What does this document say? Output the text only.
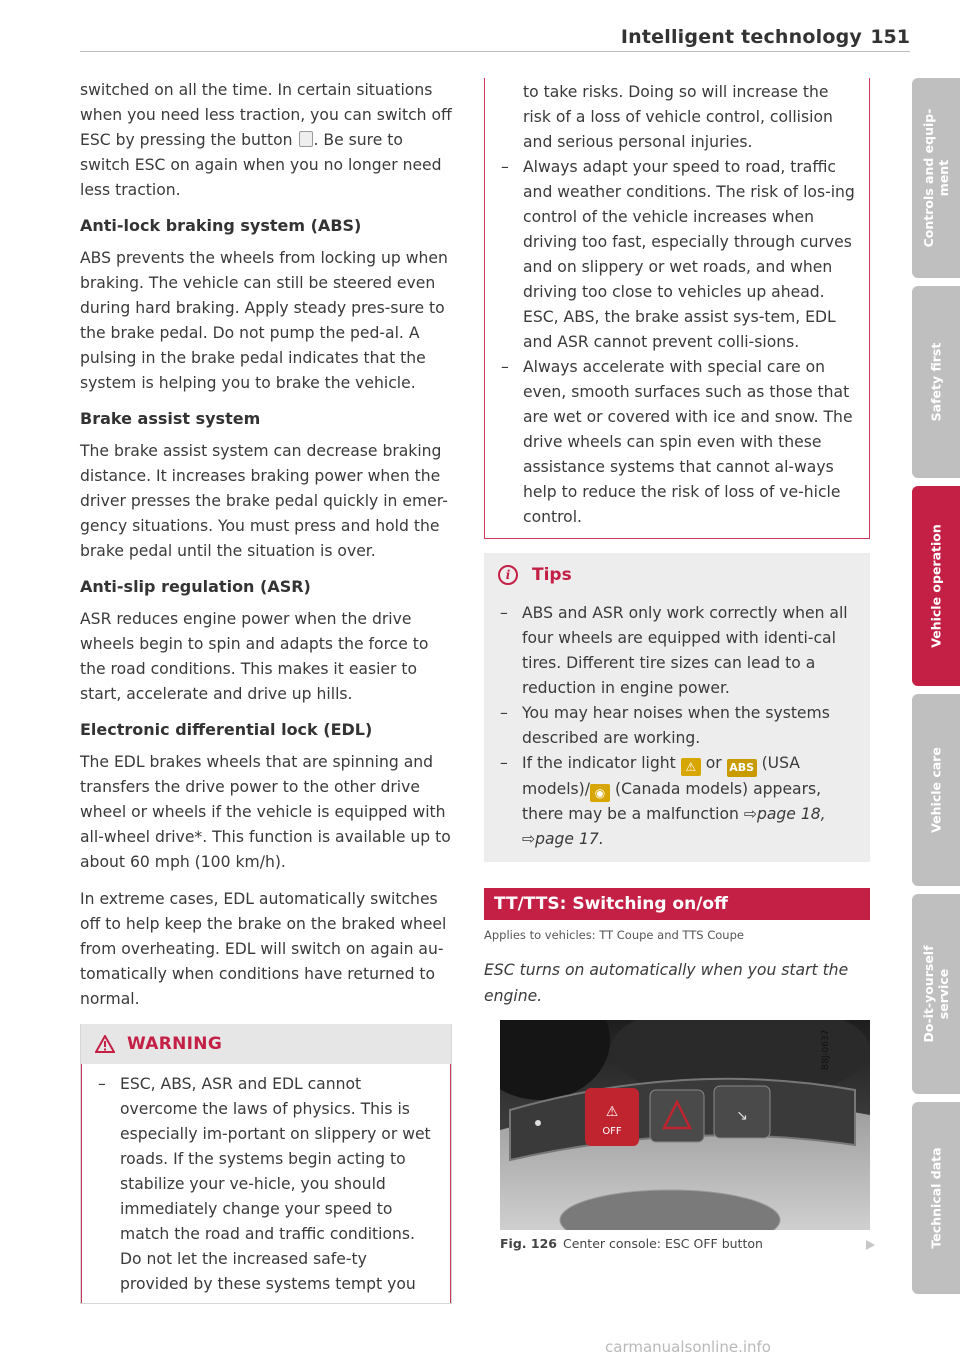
Intelligent technology 151

switched on all the time. In certain situations when you need less traction, you can switch off ESC by pressing the button . Be sure to switch ESC on again when you no longer need less traction.

Anti-lock braking system (ABS)

ABS prevents the wheels from locking up when braking. The vehicle can still be steered even during hard braking. Apply steady pres-sure to the brake pedal. Do not pump the ped-al. A pulsing in the brake pedal indicates that the system is helping you to brake the vehicle.

Brake assist system

The brake assist system can decrease braking distance. It increases braking power when the driver presses the brake pedal quickly in emer-gency situations. You must press and hold the brake pedal until the situation is over.

Anti-slip regulation (ASR)

ASR reduces engine power when the drive wheels begin to spin and adapts the force to the road conditions. This makes it easier to start, accelerate and drive up hills.

Electronic differential lock (EDL)

The EDL brakes wheels that are spinning and transfers the drive power to the other drive wheel or wheels if the vehicle is equipped with all-wheel drive*. This function is available up to about 60 mph (100 km/h).

In extreme cases, EDL automatically switches off to help keep the brake on the braked wheel from overheating. EDL will switch on again au-tomatically when conditions have returned to normal.

WARNING
– ESC, ABS, ASR and EDL cannot overcome the laws of physics. This is especially im-portant on slippery or wet roads. If the systems begin acting to stabilize your ve-hicle, you should immediately change your speed to match the road and traffic conditions. Do not let the increased safe-ty provided by these systems tempt you

to take risks. Doing so will increase the risk of a loss of vehicle control, collision and serious personal injuries.

– Always adapt your speed to road, traffic and weather conditions. The risk of los-ing control of the vehicle increases when driving too fast, especially through curves and on slippery or wet roads, and when driving too close to vehicles up ahead. ESC, ABS, the brake assist sys-tem, EDL and ASR cannot prevent colli-sions.
– Always accelerate with special care on even, smooth surfaces such as those that are wet or covered with ice and snow. The drive wheels can spin even with these assistance systems that cannot al-ways help to reduce the risk of loss of ve-hicle control.
i	Tips
– ABS and ASR only work correctly when all four wheels are equipped with identi-cal tires. Different tire sizes can lead to a reduction in engine power.
– You may hear noises when the systems described are working.
– If the indicator light ⚠ or ABS (USA models)/ ◉ (Canada models) appears, there may be a malfunction ⇨page 18, ⇨page 17.
TT/TTS: Switching on/off
Applies to vehicles: TT Coupe and TTS Coupe

ESC turns on automatically when you start the engine.

⚠
OFF
↘
B8J-0637
Fig. 126 Center console: ESC OFF button
Controls and equip-
ment
Safety first
Vehicle operation
Vehicle care
Do-it-yourself
service
Technical data
carmanualsonline.info
